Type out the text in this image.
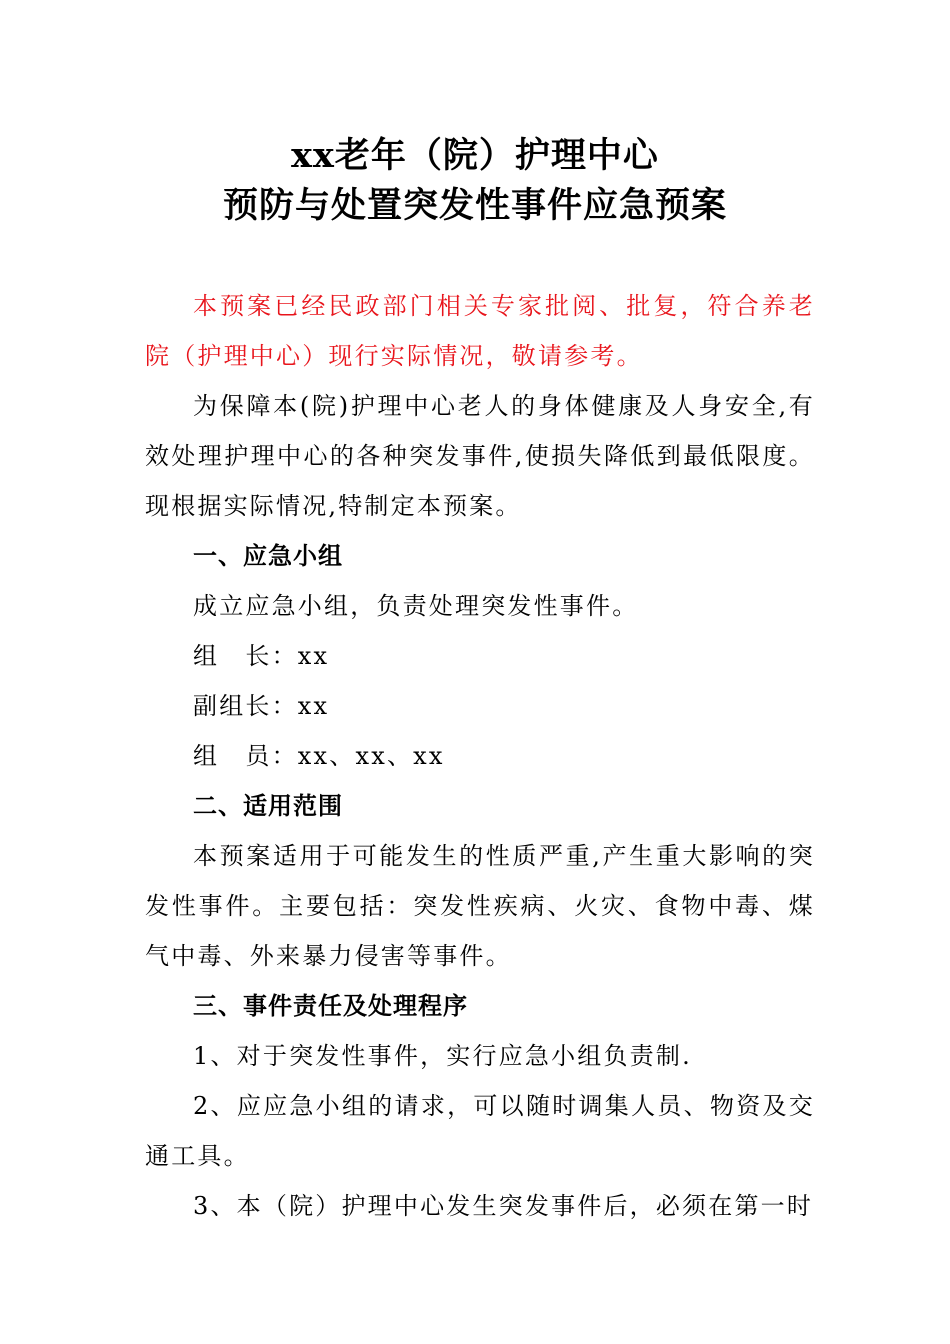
xx老年（院）护理中心
预防与处置突发性事件应急预案

本预案已经民政部门相关专家批阅、批复，符合养老院（护理中心）现行实际情况，敬请参考。

为保障本(院)护理中心老人的身体健康及人身安全,有效处理护理中心的各种突发事件,使损失降低到最低限度。现根据实际情况,特制定本预案。

一、应急小组

成立应急小组，负责处理突发性事件。

组　长：xx

副组长：xx

组　员：xx、xx、xx

二、适用范围

本预案适用于可能发生的性质严重,产生重大影响的突发性事件。主要包括：突发性疾病、火灾、食物中毒、煤气中毒、外来暴力侵害等事件。

三、事件责任及处理程序

1、对于突发性事件，实行应急小组负责制.

2、应应急小组的请求，可以随时调集人员、物资及交通工具。

3、本（院）护理中心发生突发事件后，必须在第一时
